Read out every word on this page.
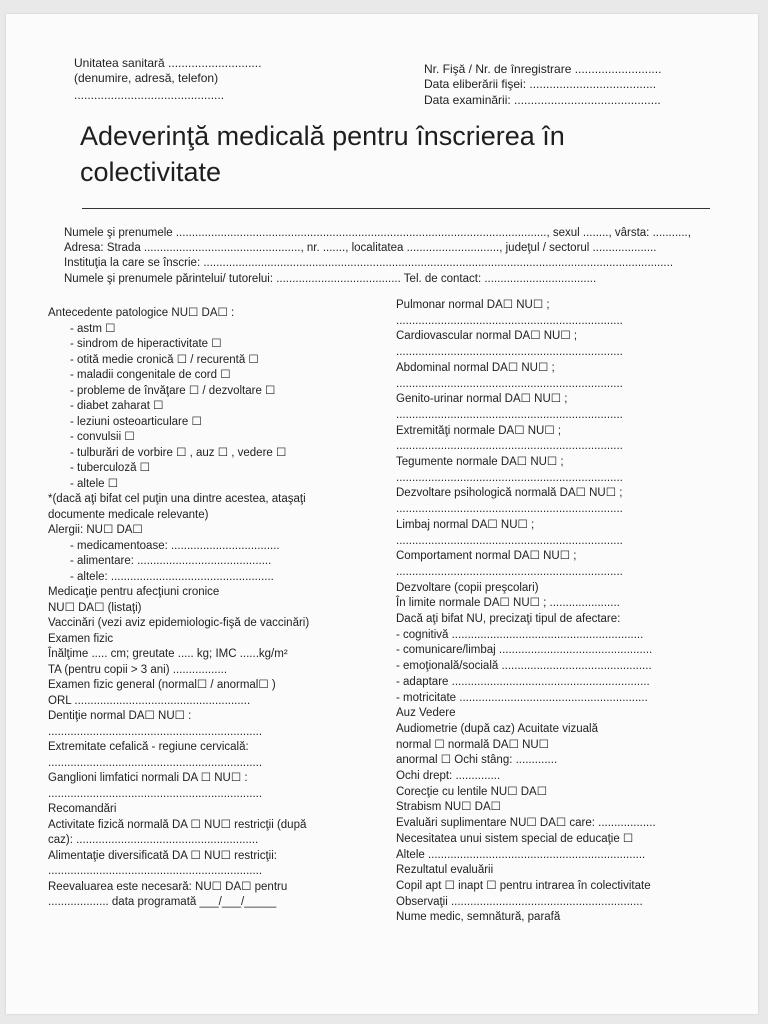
Unitatea sanitară ............................
(denumire, adresă, telefon)
.............................................
Nr. Fişă / Nr. de înregistrare ..........................
Data eliberării fişei: ......................................
Data examinării: ............................................
Adeverinţă medicală pentru înscrierea în
colectivitate
Numele şi prenumele ...................................................................................................................., sexul ........, vârsta: ...........,
Adresa: Strada ................................................., nr. ......., localitatea ............................., judeţul / sectorul ....................
Instituţia la care se înscrie: ...................................................................................................................................................
Numele şi prenumele părintelui/ tutorelui: ....................................... Tel. de contact: ...................................
Antecedente patologice NU☐ DA☐ :
- astm ☐
- sindrom de hiperactivitate ☐
- otită medie cronică ☐ / recurentă ☐
- maladii congenitale de cord ☐
- probleme de învăţare ☐ / dezvoltare ☐
- diabet zaharat ☐
- leziuni osteoarticulare ☐
- convulsii ☐
- tulburări de vorbire ☐ , auz ☐ , vedere ☐
- tuberculoză ☐
- altele ☐
*(dacă aţi bifat cel puţin una dintre acestea, ataşaţi
documente medicale relevante)
Alergii: NU☐ DA☐
- medicamentoase: ..................................
- alimentare: ..........................................
- altele: ...................................................
Medicaţie pentru afecţiuni cronice
NU☐ DA☐ (listaţi)
Vaccinări (vezi aviz epidemiologic-fişă de vaccinări)
Examen fizic
Înălţime ..... cm; greutate ..... kg; IMC ......kg/m²
TA (pentru copii > 3 ani) .................
Examen fizic general (normal☐ / anormal☐ )
ORL .......................................................
Dentiţie normal DA☐ NU☐ :
...................................................................
Extremitate cefalică - regiune cervicală:
...................................................................
Ganglioni limfatici normali DA ☐ NU☐ :
...................................................................
Recomandări
Activitate fizică normală DA ☐ NU☐ restricţii (după
caz): .........................................................
Alimentaţie diversificată DA ☐ NU☐ restricţii:
...................................................................
Reevaluarea este necesară: NU☐ DA☐ pentru
................... data programată ___/___/_____
Pulmonar normal DA☐ NU☐ ;
.......................................................................
Cardiovascular normal DA☐ NU☐ ;
.......................................................................
Abdominal normal DA☐ NU☐ ;
.......................................................................
Genito-urinar normal DA☐ NU☐ ;
.......................................................................
Extremităţi normale DA☐ NU☐ ;
.......................................................................
Tegumente normale DA☐ NU☐ ;
.......................................................................
Dezvoltare psihologică normală DA☐ NU☐ ;
.......................................................................
Limbaj normal DA☐ NU☐ ;
.......................................................................
Comportament normal DA☐ NU☐ ;
.......................................................................
Dezvoltare (copii preşcolari)
În limite normale DA☐ NU☐ ; ......................
Dacă aţi bifat NU, precizaţi tipul de afectare:
- cognitivă ............................................................
- comunicare/limbaj ................................................
- emoţională/socială ...............................................
- adaptare ..............................................................
- motricitate ...........................................................
Auz Vedere
Audiometrie (după caz) Acuitate vizuală
normal ☐ normală DA☐ NU☐
anormal ☐ Ochi stâng: .............
Ochi drept: ..............
Corecţie cu lentile NU☐ DA☐
Strabism NU☐ DA☐
Evaluări suplimentare NU☐ DA☐ care: ..................
Necesitatea unui sistem special de educaţie ☐
Altele ....................................................................
Rezultatul evaluării
Copil apt ☐ inapt ☐ pentru intrarea în colectivitate
Observaţii ............................................................
Nume medic, semnătură, parafă
